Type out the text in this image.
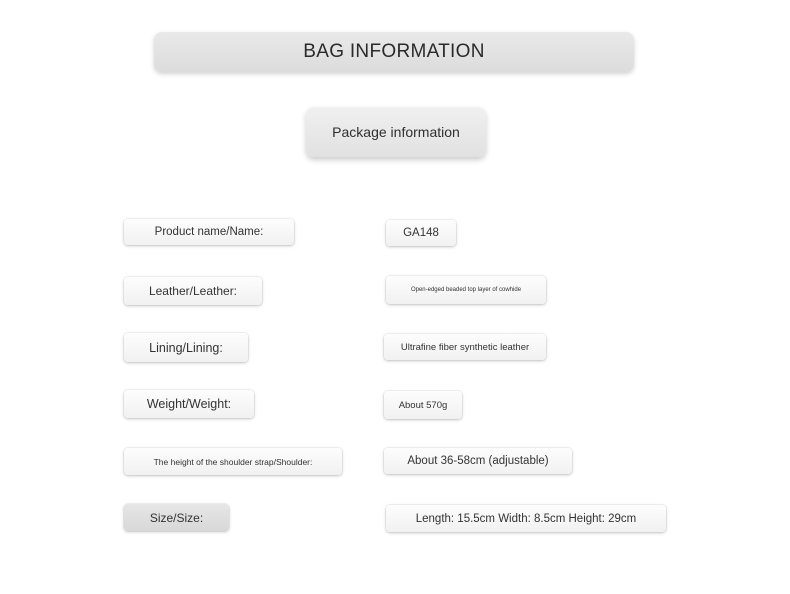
BAG INFORMATION
Package information
Product name/Name:	GA148
Leather/Leather:	Open-edged beaded top layer of cowhide
Lining/Lining:	Ultrafine fiber synthetic leather
Weight/Weight:	About 570g
The height of the shoulder strap/Shoulder:	About 36-58cm (adjustable)
Size/Size:	Length: 15.5cm Width: 8.5cm Height: 29cm
